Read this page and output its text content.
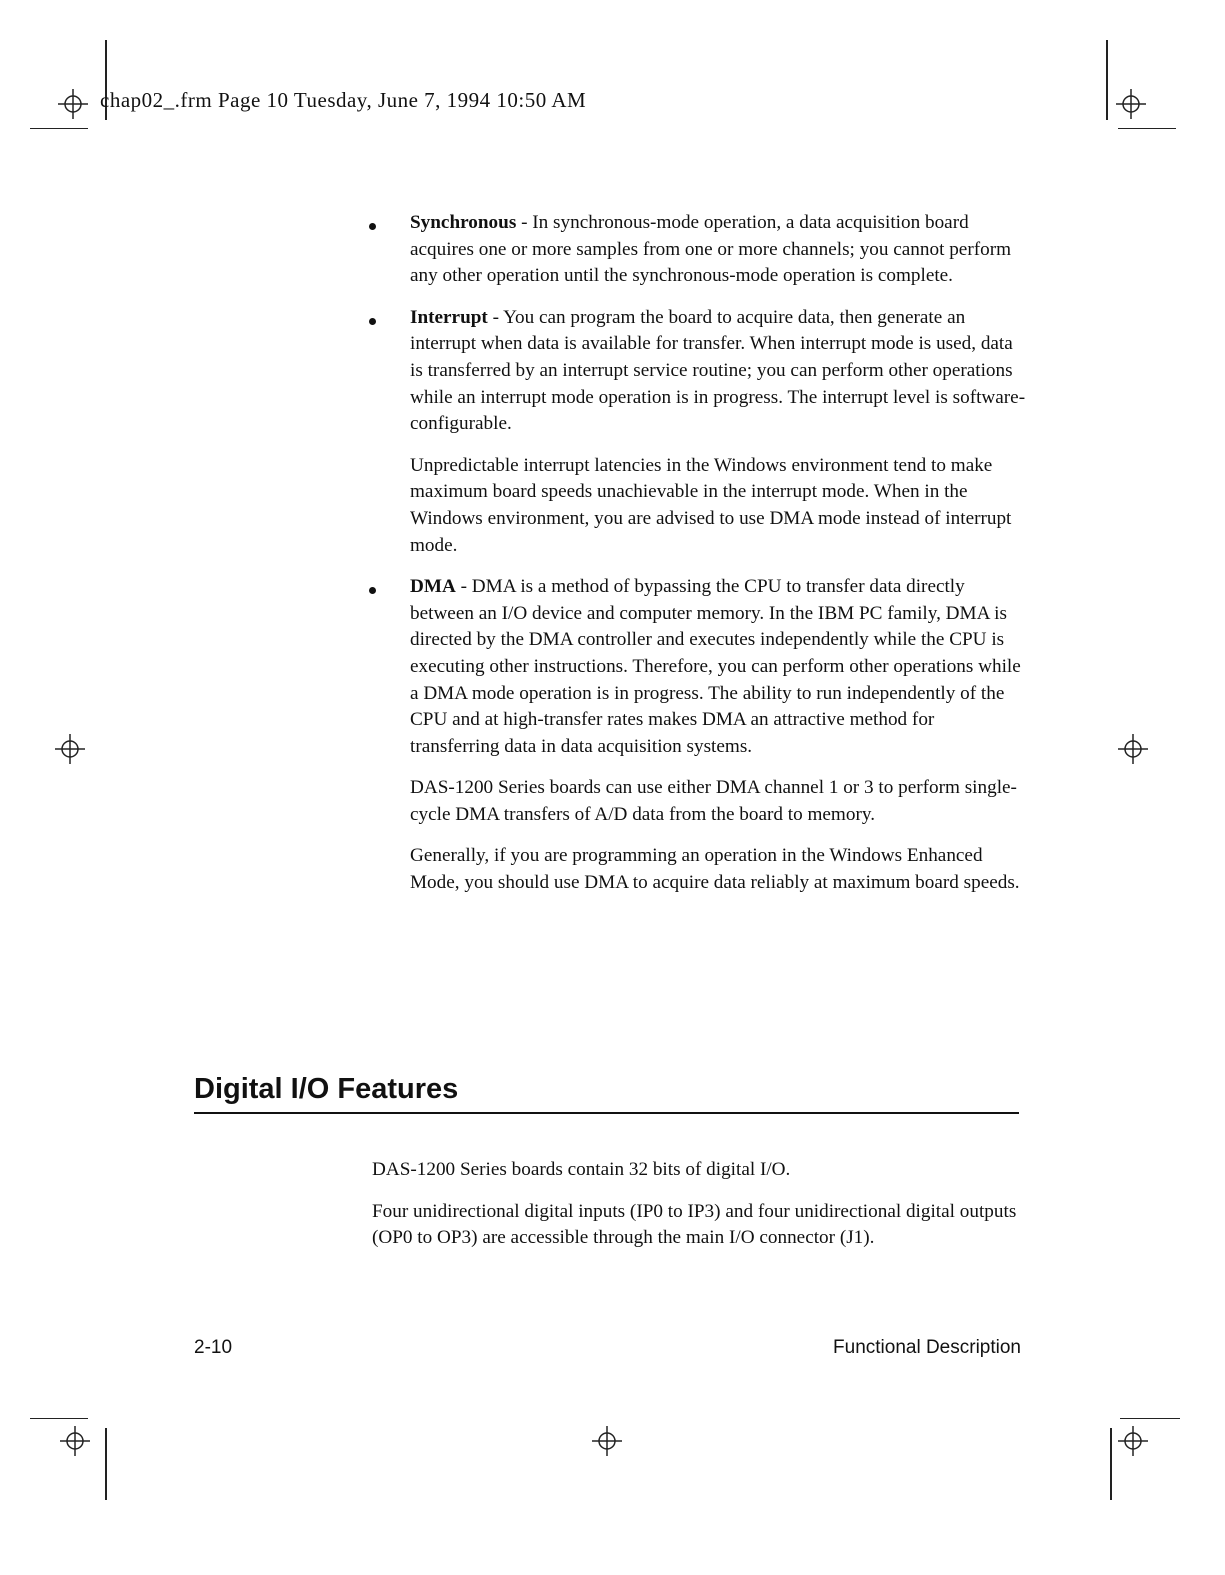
chap02_.frm Page 10 Tuesday, June 7, 1994 10:50 AM

Synchronous - In synchronous-mode operation, a data acquisition board acquires one or more samples from one or more channels; you cannot perform any other operation until the synchronous-mode operation is complete.

Interrupt - You can program the board to acquire data, then generate an interrupt when data is available for transfer. When interrupt mode is used, data is transferred by an interrupt service routine; you can perform other operations while an interrupt mode operation is in progress. The interrupt level is software-configurable.

Unpredictable interrupt latencies in the Windows environment tend to make maximum board speeds unachievable in the interrupt mode. When in the Windows environment, you are advised to use DMA mode instead of interrupt mode.

DMA - DMA is a method of bypassing the CPU to transfer data directly between an I/O device and computer memory. In the IBM PC family, DMA is directed by the DMA controller and executes independently while the CPU is executing other instructions. Therefore, you can perform other operations while a DMA mode operation is in progress. The ability to run independently of the CPU and at high-transfer rates makes DMA an attractive method for transferring data in data acquisition systems.

DAS-1200 Series boards can use either DMA channel 1 or 3 to perform single-cycle DMA transfers of A/D data from the board to memory.

Generally, if you are programming an operation in the Windows Enhanced Mode, you should use DMA to acquire data reliably at maximum board speeds.

Digital I/O Features

DAS-1200 Series boards contain 32 bits of digital I/O.

Four unidirectional digital inputs (IP0 to IP3) and four unidirectional digital outputs (OP0 to OP3) are accessible through the main I/O connector (J1).

2-10	Functional Description
